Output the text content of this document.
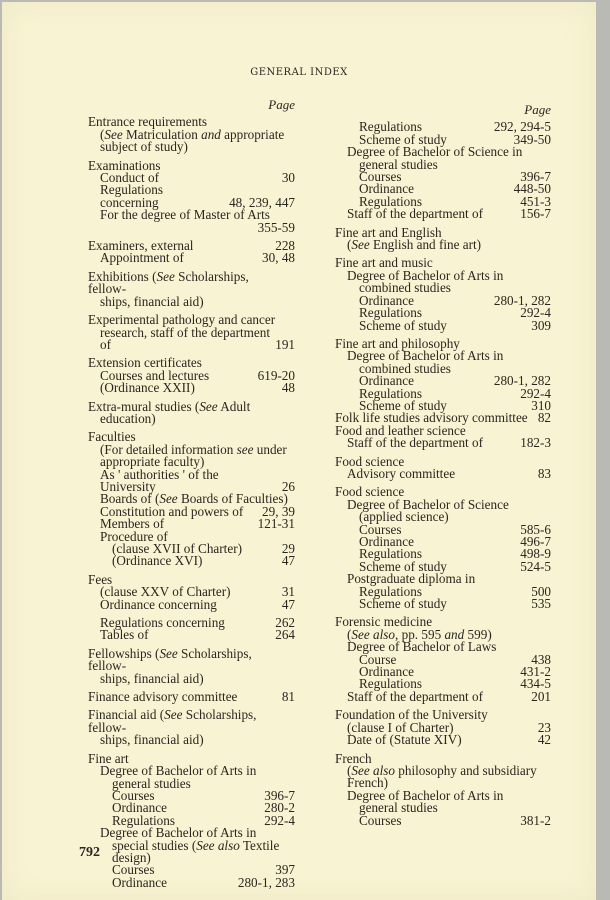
GENERAL INDEX
Page
Entrance requirements
(See Matriculation and appropriate
subject of study)
Examinations
Conduct of	30
Regulations concerning	48, 239, 447
For the degree of Master of Arts
355-59
Examiners, external	228
Appointment of	30, 48
Exhibitions (See Scholarships, fellow-
ships, financial aid)
Experimental pathology and cancer
research, staff of the department
of	191
Extension certificates
Courses and lectures	619-20
(Ordinance XXII)	48
Extra-mural studies (See Adult
education)
Faculties
(For detailed information see under
appropriate faculty)
As ' authorities ' of the University	26
Boards of (See Boards of Faculties)
Constitution and powers of	29, 39
Members of	121-31
Procedure of
(clause XVII of Charter)	29
(Ordinance XVI)	47
Fees
(clause XXV of Charter)	31
Ordinance concerning	47
Regulations concerning	262
Tables of	264
Fellowships (See Scholarships, fellow-
ships, financial aid)
Finance advisory committee	81
Financial aid (See Scholarships, fellow-
ships, financial aid)
Fine art
Degree of Bachelor of Arts in
general studies
Courses	396-7
Ordinance	280-2
Regulations	292-4
Degree of Bachelor of Arts in
special studies (See also Textile design)
Courses	397
Ordinance	280-1, 283
Page
Regulations	292, 294-5
Scheme of study	349-50
Degree of Bachelor of Science in
general studies
Courses	396-7
Ordinance	448-50
Regulations	451-3
Staff of the department of	156-7
Fine art and English
(See English and fine art)
Fine art and music
Degree of Bachelor of Arts in
combined studies
Ordinance	280-1, 282
Regulations	292-4
Scheme of study	309
Fine art and philosophy
Degree of Bachelor of Arts in
combined studies
Ordinance	280-1, 282
Regulations	292-4
Scheme of study	310
Folk life studies advisory committee 82
Food and leather science
Staff of the department of	182-3
Food science
Advisory committee	83
Food science
Degree of Bachelor of Science
(applied science)
Courses	585-6
Ordinance	496-7
Regulations	498-9
Scheme of study	524-5
Postgraduate diploma in
Regulations	500
Scheme of study	535
Forensic medicine
(See also, pp. 595 and 599)
Degree of Bachelor of Laws
Course	438
Ordinance	431-2
Regulations	434-5
Staff of the department of	201
Foundation of the University
(clause I of Charter)	23
Date of (Statute XIV)	42
French
(See also philosophy and subsidiary
French)
Degree of Bachelor of Arts in
general studies
Courses	381-2
792
